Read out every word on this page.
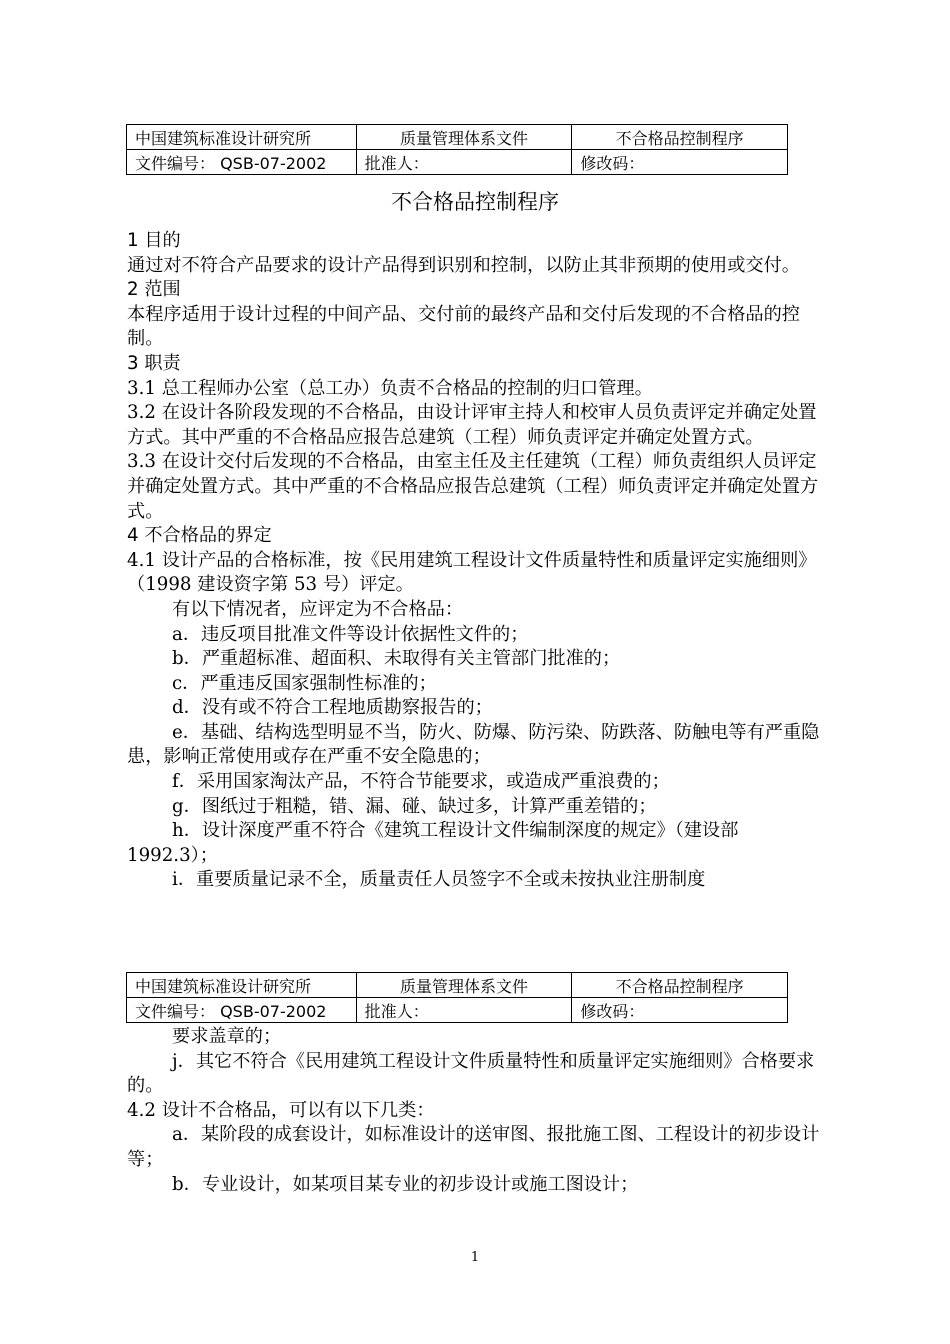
中国建筑标准设计研究所	质量管理体系文件	不合格品控制程序
文件编号： QSB-07-2002	批准人：	修改码：
不合格品控制程序

1 目的

通过对不符合产品要求的设计产品得到识别和控制，以防止其非预期的使用或交付。

2 范围

本程序适用于设计过程的中间产品、交付前的最终产品和交付后发现的不合格品的控制。

3 职责

3.1 总工程师办公室（总工办）负责不合格品的控制的归口管理。

3.2 在设计各阶段发现的不合格品，由设计评审主持人和校审人员负责评定并确定处置方式。其中严重的不合格品应报告总建筑（工程）师负责评定并确定处置方式。

3.3 在设计交付后发现的不合格品，由室主任及主任建筑（工程）师负责组织人员评定并确定处置方式。其中严重的不合格品应报告总建筑（工程）师负责评定并确定处置方式。

4 不合格品的界定

4.1 设计产品的合格标准，按《民用建筑工程设计文件质量特性和质量评定实施细则》（1998 建设资字第 53 号）评定。

有以下情况者，应评定为不合格品：

a．违反项目批准文件等设计依据性文件的；

b．严重超标准、超面积、未取得有关主管部门批准的；

c．严重违反国家强制性标准的；

d．没有或不符合工程地质勘察报告的；

e．基础、结构选型明显不当，防火、防爆、防污染、防跌落、防触电等有严重隐患，影响正常使用或存在严重不安全隐患的；

f．采用国家淘汰产品，不符合节能要求，或造成严重浪费的；

g．图纸过于粗糙，错、漏、碰、缺过多，计算严重差错的；

h．设计深度严重不符合《建筑工程设计文件编制深度的规定》（建设部 1992.3）；

i．重要质量记录不全，质量责任人员签字不全或未按执业注册制度

中国建筑标准设计研究所	质量管理体系文件	不合格品控制程序
文件编号： QSB-07-2002	批准人：	修改码：

要求盖章的；

j．其它不符合《民用建筑工程设计文件质量特性和质量评定实施细则》合格要求的。

4.2 设计不合格品，可以有以下几类：

a．某阶段的成套设计，如标准设计的送审图、报批施工图、工程设计的初步设计等；

b．专业设计，如某项目某专业的初步设计或施工图设计；

1
